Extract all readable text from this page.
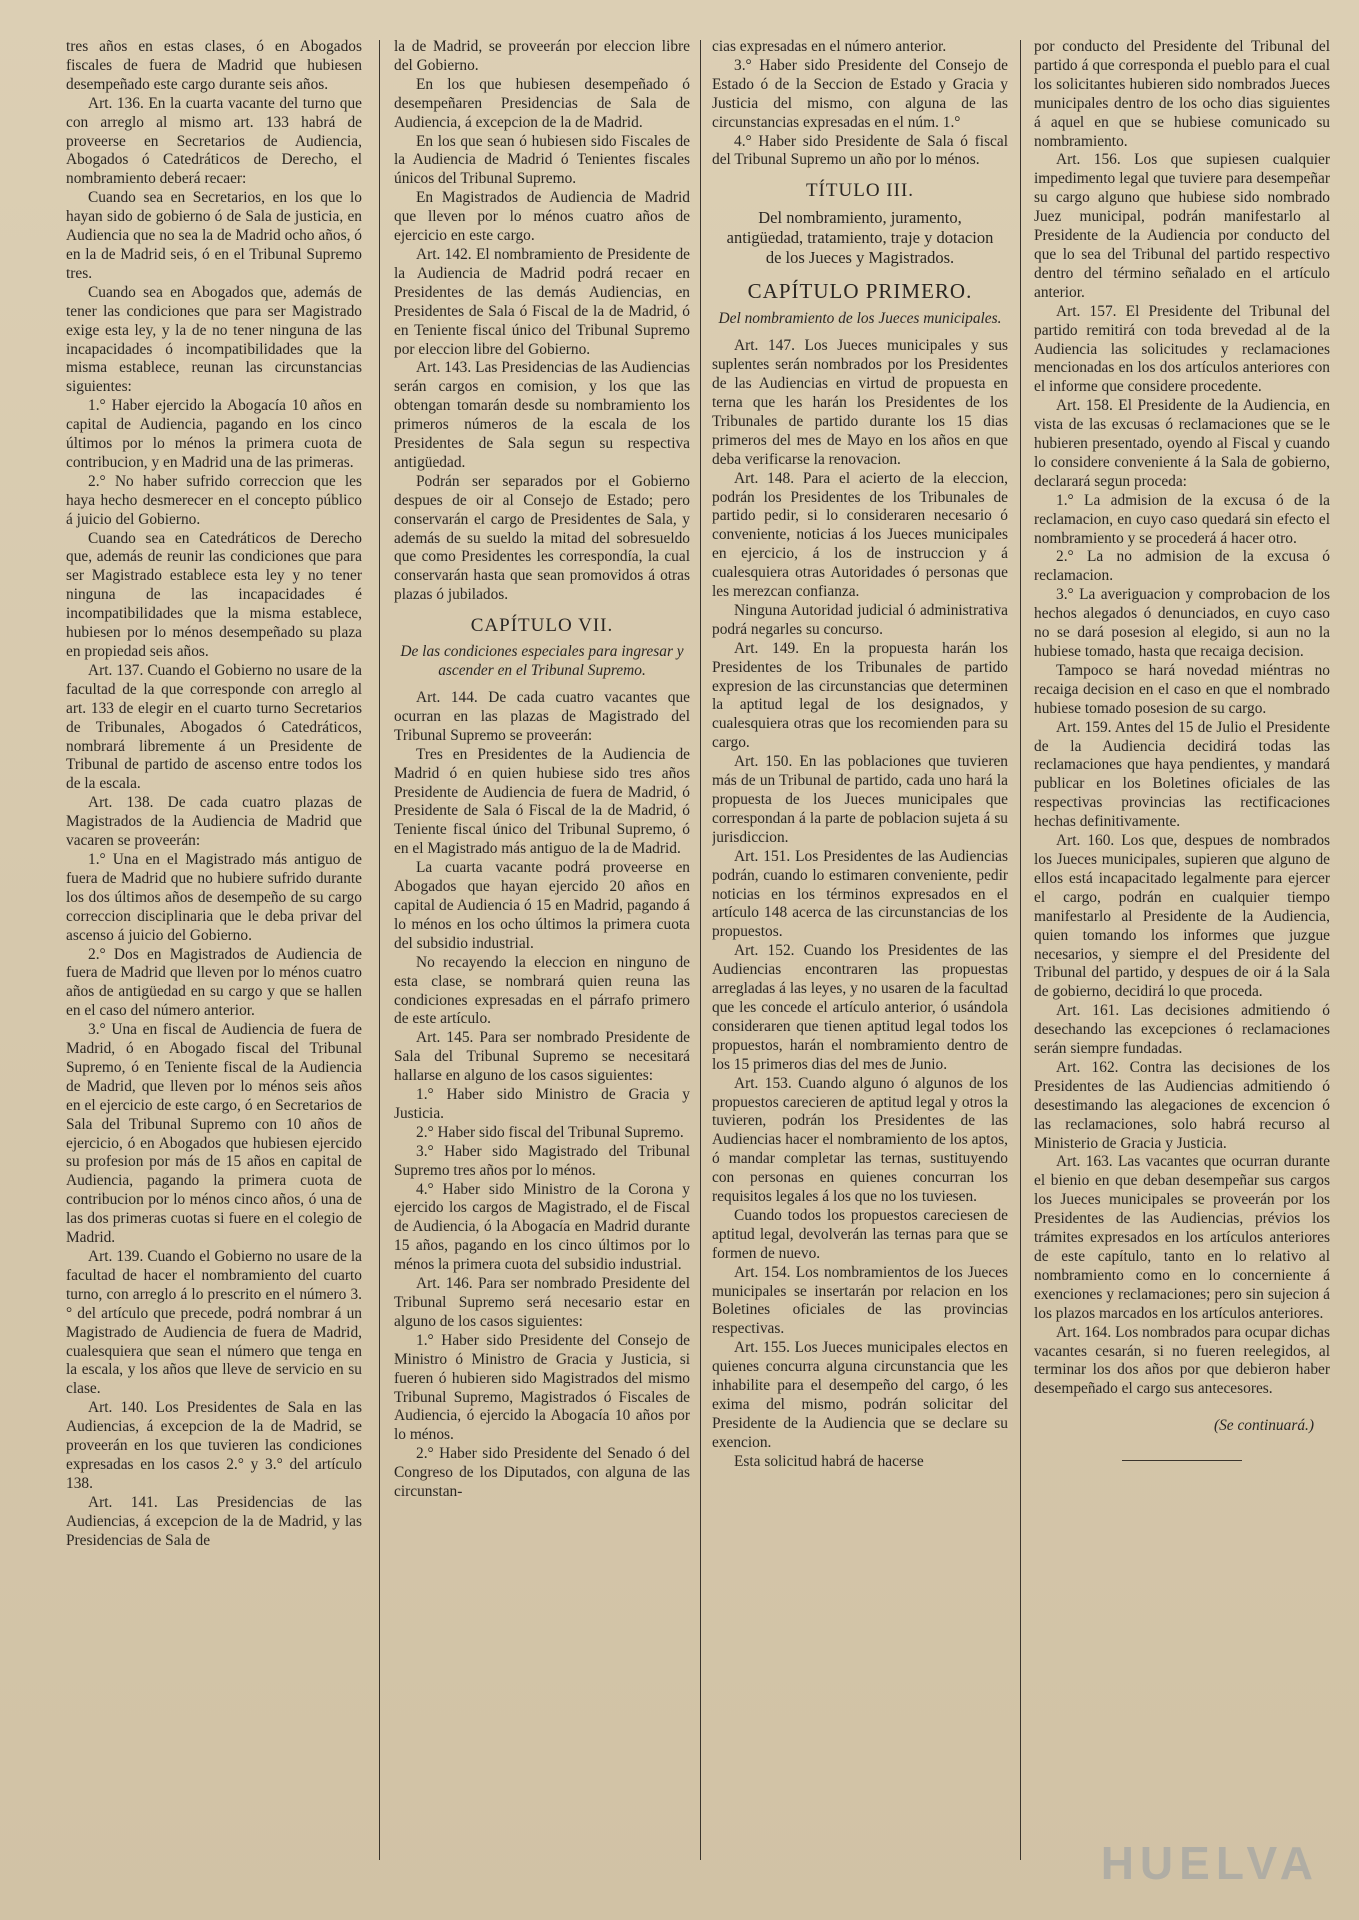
tres años en estas clases, ó en Abogados fiscales de fuera de Madrid que hubiesen desempeñado este cargo durante seis años.

Art. 136. En la cuarta vacante del turno que con arreglo al mismo art. 133 habrá de proveerse en Secretarios de Audiencia, Abogados ó Catedráticos de Derecho, el nombramiento deberá recaer:

Cuando sea en Secretarios, en los que lo hayan sido de gobierno ó de Sala de justicia, en Audiencia que no sea la de Madrid ocho años, ó en la de Madrid seis, ó en el Tribunal Supremo tres.

Cuando sea en Abogados que, además de tener las condiciones que para ser Magistrado exige esta ley, y la de no tener ninguna de las incapacidades ó incompatibilidades que la misma establece, reunan las circunstancias siguientes:

1.° Haber ejercido la Abogacía 10 años en capital de Audiencia, pagando en los cinco últimos por lo ménos la primera cuota de contribucion, y en Madrid una de las primeras.

2.° No haber sufrido correccion que les haya hecho desmerecer en el concepto público á juicio del Gobierno.

Cuando sea en Catedráticos de Derecho que, además de reunir las condiciones que para ser Magistrado establece esta ley y no tener ninguna de las incapacidades é incompatibilidades que la misma establece, hubiesen por lo ménos desempeñado su plaza en propiedad seis años.

Art. 137. Cuando el Gobierno no usare de la facultad de la que corresponde con arreglo al art. 133 de elegir en el cuarto turno Secretarios de Tribunales, Abogados ó Catedráticos, nombrará libremente á un Presidente de Tribunal de partido de ascenso entre todos los de la escala.

Art. 138. De cada cuatro plazas de Magistrados de la Audiencia de Madrid que vacaren se proveerán:

1.° Una en el Magistrado más antiguo de fuera de Madrid que no hubiere sufrido durante los dos últimos años de desempeño de su cargo correccion disciplinaria que le deba privar del ascenso á juicio del Gobierno.

2.° Dos en Magistrados de Audiencia de fuera de Madrid que lleven por lo ménos cuatro años de antigüedad en su cargo y que se hallen en el caso del número anterior.

3.° Una en fiscal de Audiencia de fuera de Madrid, ó en Abogado fiscal del Tribunal Supremo, ó en Teniente fiscal de la Audiencia de Madrid, que lleven por lo ménos seis años en el ejercicio de este cargo, ó en Secretarios de Sala del Tribunal Supremo con 10 años de ejercicio, ó en Abogados que hubiesen ejercido su profesion por más de 15 años en capital de Audiencia, pagando la primera cuota de contribucion por lo ménos cinco años, ó una de las dos primeras cuotas si fuere en el colegio de Madrid.

Art. 139. Cuando el Gobierno no usare de la facultad de hacer el nombramiento del cuarto turno, con arreglo á lo prescrito en el número 3.° del artículo que precede, podrá nombrar á un Magistrado de Audiencia de fuera de Madrid, cualesquiera que sean el número que tenga en la escala, y los años que lleve de servicio en su clase.

Art. 140. Los Presidentes de Sala en las Audiencias, á excepcion de la de Madrid, se proveerán en los que tuvieren las condiciones expresadas en los casos 2.° y 3.° del artículo 138.

Art. 141. Las Presidencias de las Audiencias, á excepcion de la de Madrid, y las Presidencias de Sala de

la de Madrid, se proveerán por eleccion libre del Gobierno.

En los que hubiesen desempeñado ó desempeñaren Presidencias de Sala de Audiencia, á excepcion de la de Madrid.

En los que sean ó hubiesen sido Fiscales de la Audiencia de Madrid ó Tenientes fiscales únicos del Tribunal Supremo.

En Magistrados de Audiencia de Madrid que lleven por lo ménos cuatro años de ejercicio en este cargo.

Art. 142. El nombramiento de Presidente de la Audiencia de Madrid podrá recaer en Presidentes de las demás Audiencias, en Presidentes de Sala ó Fiscal de la de Madrid, ó en Teniente fiscal único del Tribunal Supremo por eleccion libre del Gobierno.

Art. 143. Las Presidencias de las Audiencias serán cargos en comision, y los que las obtengan tomarán desde su nombramiento los primeros números de la escala de los Presidentes de Sala segun su respectiva antigüedad.

Podrán ser separados por el Gobierno despues de oir al Consejo de Estado; pero conservarán el cargo de Presidentes de Sala, y además de su sueldo la mitad del sobresueldo que como Presidentes les correspondía, la cual conservarán hasta que sean promovidos á otras plazas ó jubilados.

CAPÍTULO VII.
De las condiciones especiales para ingresar y ascender en el Tribunal Supremo.

Art. 144. De cada cuatro vacantes que ocurran en las plazas de Magistrado del Tribunal Supremo se proveerán:

Tres en Presidentes de la Audiencia de Madrid ó en quien hubiese sido tres años Presidente de Audiencia de fuera de Madrid, ó Presidente de Sala ó Fiscal de la de Madrid, ó Teniente fiscal único del Tribunal Supremo, ó en el Magistrado más antiguo de la de Madrid.

La cuarta vacante podrá proveerse en Abogados que hayan ejercido 20 años en capital de Audiencia ó 15 en Madrid, pagando á lo ménos en los ocho últimos la primera cuota del subsidio industrial.

No recayendo la eleccion en ninguno de esta clase, se nombrará quien reuna las condiciones expresadas en el párrafo primero de este artículo.

Art. 145. Para ser nombrado Presidente de Sala del Tribunal Supremo se necesitará hallarse en alguno de los casos siguientes:

1.° Haber sido Ministro de Gracia y Justicia.

2.° Haber sido fiscal del Tribunal Supremo.

3.° Haber sido Magistrado del Tribunal Supremo tres años por lo ménos.

4.° Haber sido Ministro de la Corona y ejercido los cargos de Magistrado, el de Fiscal de Audiencia, ó la Abogacía en Madrid durante 15 años, pagando en los cinco últimos por lo ménos la primera cuota del subsidio industrial.

Art. 146. Para ser nombrado Presidente del Tribunal Supremo será necesario estar en alguno de los casos siguientes:

1.° Haber sido Presidente del Consejo de Ministro ó Ministro de Gracia y Justicia, si fueren ó hubieren sido Magistrados del mismo Tribunal Supremo, Magistrados ó Fiscales de Audiencia, ó ejercido la Abogacía 10 años por lo ménos.

2.° Haber sido Presidente del Senado ó del Congreso de los Diputados, con alguna de las circunstan-

cias expresadas en el número anterior.

3.° Haber sido Presidente del Consejo de Estado ó de la Seccion de Estado y Gracia y Justicia del mismo, con alguna de las circunstancias expresadas en el núm. 1.°

4.° Haber sido Presidente de Sala ó fiscal del Tribunal Supremo un año por lo ménos.

TÍTULO III.
Del nombramiento, juramento, antigüedad, tratamiento, traje y dotacion de los Jueces y Magistrados.
CAPÍTULO PRIMERO.
Del nombramiento de los Jueces municipales.

Art. 147. Los Jueces municipales y sus suplentes serán nombrados por los Presidentes de las Audiencias en virtud de propuesta en terna que les harán los Presidentes de los Tribunales de partido durante los 15 dias primeros del mes de Mayo en los años en que deba verificarse la renovacion.

Art. 148. Para el acierto de la eleccion, podrán los Presidentes de los Tribunales de partido pedir, si lo consideraren necesario ó conveniente, noticias á los Jueces municipales en ejercicio, á los de instruccion y á cualesquiera otras Autoridades ó personas que les merezcan confianza.

Ninguna Autoridad judicial ó administrativa podrá negarles su concurso.

Art. 149. En la propuesta harán los Presidentes de los Tribunales de partido expresion de las circunstancias que determinen la aptitud legal de los designados, y cualesquiera otras que los recomienden para su cargo.

Art. 150. En las poblaciones que tuvieren más de un Tribunal de partido, cada uno hará la propuesta de los Jueces municipales que correspondan á la parte de poblacion sujeta á su jurisdiccion.

Art. 151. Los Presidentes de las Audiencias podrán, cuando lo estimaren conveniente, pedir noticias en los términos expresados en el artículo 148 acerca de las circunstancias de los propuestos.

Art. 152. Cuando los Presidentes de las Audiencias encontraren las propuestas arregladas á las leyes, y no usaren de la facultad que les concede el artículo anterior, ó usándola consideraren que tienen aptitud legal todos los propuestos, harán el nombramiento dentro de los 15 primeros dias del mes de Junio.

Art. 153. Cuando alguno ó algunos de los propuestos carecieren de aptitud legal y otros la tuvieren, podrán los Presidentes de las Audiencias hacer el nombramiento de los aptos, ó mandar completar las ternas, sustituyendo con personas en quienes concurran los requisitos legales á los que no los tuviesen.

Cuando todos los propuestos careciesen de aptitud legal, devolverán las ternas para que se formen de nuevo.

Art. 154. Los nombramientos de los Jueces municipales se insertarán por relacion en los Boletines oficiales de las provincias respectivas.

Art. 155. Los Jueces municipales electos en quienes concurra alguna circunstancia que les inhabilite para el desempeño del cargo, ó les exima del mismo, podrán solicitar del Presidente de la Audiencia que se declare su exencion.

Esta solicitud habrá de hacerse

por conducto del Presidente del Tribunal del partido á que corresponda el pueblo para el cual los solicitantes hubieren sido nombrados Jueces municipales dentro de los ocho dias siguientes á aquel en que se hubiese comunicado su nombramiento.

Art. 156. Los que supiesen cualquier impedimento legal que tuviere para desempeñar su cargo alguno que hubiese sido nombrado Juez municipal, podrán manifestarlo al Presidente de la Audiencia por conducto del que lo sea del Tribunal del partido respectivo dentro del término señalado en el artículo anterior.

Art. 157. El Presidente del Tribunal del partido remitirá con toda brevedad al de la Audiencia las solicitudes y reclamaciones mencionadas en los dos artículos anteriores con el informe que considere procedente.

Art. 158. El Presidente de la Audiencia, en vista de las excusas ó reclamaciones que se le hubieren presentado, oyendo al Fiscal y cuando lo considere conveniente á la Sala de gobierno, declarará segun proceda:

1.° La admision de la excusa ó de la reclamacion, en cuyo caso quedará sin efecto el nombramiento y se procederá á hacer otro.

2.° La no admision de la excusa ó reclamacion.

3.° La averiguacion y comprobacion de los hechos alegados ó denunciados, en cuyo caso no se dará posesion al elegido, si aun no la hubiese tomado, hasta que recaiga decision.

Tampoco se hará novedad miéntras no recaiga decision en el caso en que el nombrado hubiese tomado posesion de su cargo.

Art. 159. Antes del 15 de Julio el Presidente de la Audiencia decidirá todas las reclamaciones que haya pendientes, y mandará publicar en los Boletines oficiales de las respectivas provincias las rectificaciones hechas definitivamente.

Art. 160. Los que, despues de nombrados los Jueces municipales, supieren que alguno de ellos está incapacitado legalmente para ejercer el cargo, podrán en cualquier tiempo manifestarlo al Presidente de la Audiencia, quien tomando los informes que juzgue necesarios, y siempre el del Presidente del Tribunal del partido, y despues de oir á la Sala de gobierno, decidirá lo que proceda.

Art. 161. Las decisiones admitiendo ó desechando las excepciones ó reclamaciones serán siempre fundadas.

Art. 162. Contra las decisiones de los Presidentes de las Audiencias admitiendo ó desestimando las alegaciones de excencion ó las reclamaciones, solo habrá recurso al Ministerio de Gracia y Justicia.

Art. 163. Las vacantes que ocurran durante el bienio en que deban desempeñar sus cargos los Jueces municipales se proveerán por los Presidentes de las Audiencias, prévios los trámites expresados en los artículos anteriores de este capítulo, tanto en lo relativo al nombramiento como en lo concerniente á exenciones y reclamaciones; pero sin sujecion á los plazos marcados en los artículos anteriores.

Art. 164. Los nombrados para ocupar dichas vacantes cesarán, si no fueren reelegidos, al terminar los dos años por que debieron haber desempeñado el cargo sus antecesores.

(Se continuará.)
HUELVA
